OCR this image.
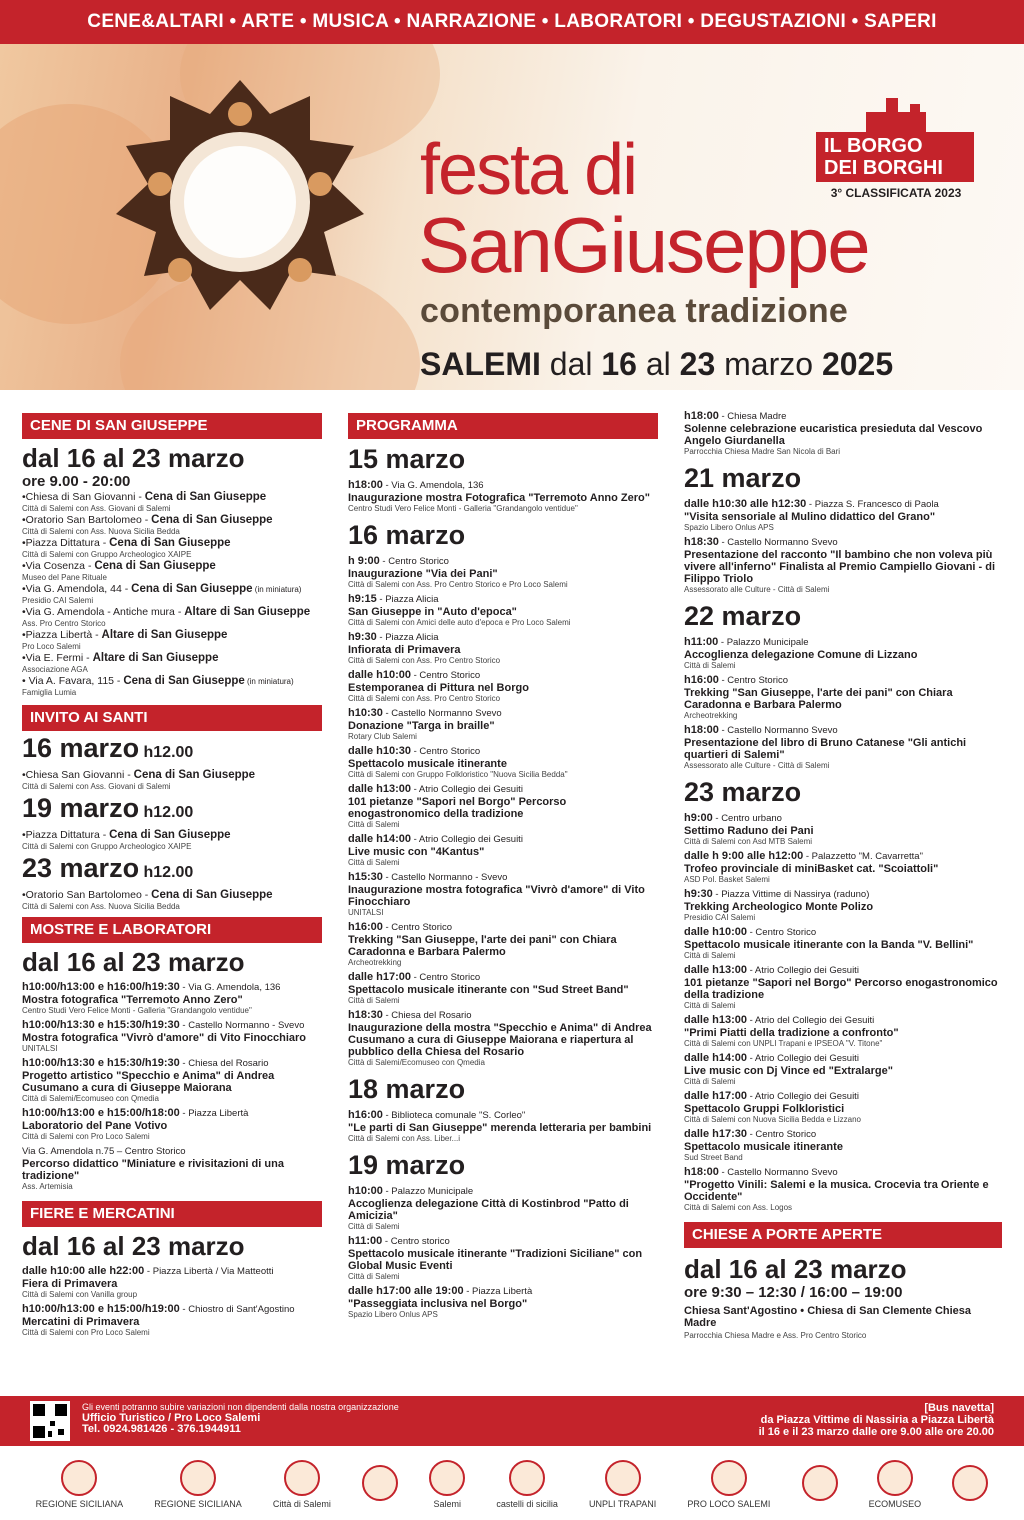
CENE&ALTARI • ARTE • MUSICA • NARRAZIONE • LABORATORI • DEGUSTAZIONI • SAPERI
festa di
SanGiuseppe
contemporanea tradizione
SALEMI dal 16 al 23 marzo 2025
IL BORGO
DEI BORGHI
3° CLASSIFICATA 2023
CENE DI SAN GIUSEPPE
dal 16 al 23 marzo
ore 9.00 - 20:00
•Chiesa di San Giovanni - Cena di San Giuseppe
Città di Salemi con Ass. Giovani di Salemi
•Oratorio San Bartolomeo - Cena di San Giuseppe
Città di Salemi con Ass. Nuova Sicilia Bedda
•Piazza Dittatura - Cena di San Giuseppe
Città di Salemi con Gruppo Archeologico XAIPE
•Via Cosenza - Cena di San Giuseppe
Museo del Pane Rituale
•Via G. Amendola, 44 - Cena di San Giuseppe (in miniatura)
Presidio CAI Salemi
•Via G. Amendola - Antiche mura - Altare di San Giuseppe
Ass. Pro Centro Storico
•Piazza Libertà - Altare di San Giuseppe
Pro Loco Salemi
•Via E. Fermi - Altare di San Giuseppe
Associazione AGA
• Via A. Favara, 115 - Cena di San Giuseppe (in miniatura)
Famiglia Lumia
INVITO AI SANTI
16 marzo h12.00
•Chiesa San Giovanni - Cena di San Giuseppe
Città di Salemi con Ass. Giovani di Salemi
19 marzo h12.00
•Piazza Dittatura - Cena di San Giuseppe
Città di Salemi con Gruppo Archeologico XAIPE
23 marzo h12.00
•Oratorio San Bartolomeo - Cena di San Giuseppe
Città di Salemi con Ass. Nuova Sicilia Bedda
MOSTRE E LABORATORI
dal 16 al 23 marzo
h10:00/h13:00 e h16:00/h19:30 - Via G. Amendola, 136
Mostra fotografica "Terremoto Anno Zero"
Centro Studi Vero Felice Monti - Galleria "Grandangolo ventidue"
h10:00/h13:30 e h15:30/h19:30 - Castello Normanno - Svevo
Mostra fotografica "Vivrò d'amore" di Vito Finocchiaro
UNITALSI
h10:00/h13:30 e h15:30/h19:30 - Chiesa del Rosario
Progetto artistico "Specchio e Anima" di Andrea Cusumano a cura di Giuseppe Maiorana
Città di Salemi/Ecomuseo con Qmedia
h10:00/h13:00 e h15:00/h18:00 - Piazza Libertà
Laboratorio del Pane Votivo
Città di Salemi con Pro Loco Salemi
Via G. Amendola n.75 – Centro Storico
Percorso didattico "Miniature e rivisitazioni di una tradizione"
Ass. Artemisia
FIERE E MERCATINI
dal 16 al 23 marzo
dalle h10:00 alle h22:00 - Piazza Libertà / Via Matteotti
Fiera di Primavera
Città di Salemi con Vanilla group
h10:00/h13:00 e h15:00/h19:00 - Chiostro di Sant'Agostino
Mercatini di Primavera
Città di Salemi con Pro Loco Salemi
PROGRAMMA
15 marzo
h18:00 - Via G. Amendola, 136
Inaugurazione mostra Fotografica "Terremoto Anno Zero"
Centro Studi Vero Felice Monti - Galleria "Grandangolo ventidue"
16 marzo
h 9:00 - Centro Storico
Inaugurazione "Via dei Pani"
Città di Salemi con Ass. Pro Centro Storico e Pro Loco Salemi
h9:15 - Piazza Alicia
San Giuseppe in "Auto d'epoca"
Città di Salemi con Amici delle auto d'epoca e Pro Loco Salemi
h9:30 - Piazza Alicia
Infiorata di Primavera
Città di Salemi con Ass. Pro Centro Storico
dalle h10:00 - Centro Storico
Estemporanea di Pittura nel Borgo
Città di Salemi con Ass. Pro Centro Storico
h10:30 - Castello Normanno Svevo
Donazione "Targa in braille"
Rotary Club Salemi
dalle h10:30 - Centro Storico
Spettacolo musicale itinerante
Città di Salemi con Gruppo Folkloristico "Nuova Sicilia Bedda"
dalle h13:00 - Atrio Collegio dei Gesuiti
101 pietanze "Sapori nel Borgo" Percorso enogastronomico della tradizione
Città di Salemi
dalle h14:00 - Atrio Collegio dei Gesuiti
Live music con "4Kantus"
Città di Salemi
h15:30 - Castello Normanno - Svevo
Inaugurazione mostra fotografica "Vivrò d'amore" di Vito Finocchiaro
UNITALSI
h16:00 - Centro Storico
Trekking "San Giuseppe, l'arte dei pani" con Chiara Caradonna e Barbara Palermo
Archeotrekking
dalle h17:00 - Centro Storico
Spettacolo musicale itinerante con "Sud Street Band"
Città di Salemi
h18:30 - Chiesa del Rosario
Inaugurazione della mostra "Specchio e Anima" di Andrea Cusumano a cura di Giuseppe Maiorana e riapertura al pubblico della Chiesa del Rosario
Città di Salemi/Ecomuseo con Qmedia
18 marzo
h16:00 - Biblioteca comunale "S. Corleo"
"Le parti di San Giuseppe" merenda letteraria per bambini
Città di Salemi con Ass. Liber...i
19 marzo
h10:00 - Palazzo Municipale
Accoglienza delegazione Città di Kostinbrod "Patto di Amicizia"
Città di Salemi
h11:00 - Centro storico
Spettacolo musicale itinerante "Tradizioni Siciliane" con Global Music Eventi
Città di Salemi
dalle h17:00 alle 19:00 - Piazza Libertà
"Passeggiata inclusiva nel Borgo"
Spazio Libero Onlus APS
h18:00 - Chiesa Madre
Solenne celebrazione eucaristica presieduta dal Vescovo Angelo Giurdanella
Parrocchia Chiesa Madre San Nicola di Bari
21 marzo
dalle h10:30 alle h12:30 - Piazza S. Francesco di Paola
"Visita sensoriale al Mulino didattico del Grano"
Spazio Libero Onlus APS
h18:30 - Castello Normanno Svevo
Presentazione del racconto "Il bambino che non voleva più vivere all'inferno" Finalista al Premio Campiello Giovani - di Filippo Triolo
Assessorato alle Culture - Città di Salemi
22 marzo
h11:00 - Palazzo Municipale
Accoglienza delegazione Comune di Lizzano
Città di Salemi
h16:00 - Centro Storico
Trekking "San Giuseppe, l'arte dei pani" con Chiara Caradonna e Barbara Palermo
Archeotrekking
h18:00 - Castello Normanno Svevo
Presentazione del libro di Bruno Catanese "Gli antichi quartieri di Salemi"
Assessorato alle Culture - Città di Salemi
23 marzo
h9:00 - Centro urbano
Settimo Raduno dei Pani
Città di Salemi con Asd MTB Salemi
dalle h 9:00 alle h12:00 - Palazzetto "M. Cavarretta"
Trofeo provinciale di miniBasket cat. "Scoiattoli"
ASD Pol. Basket Salemi
h9:30 - Piazza Vittime di Nassirya (raduno)
Trekking Archeologico Monte Polizo
Presidio CAI Salemi
dalle h10:00 - Centro Storico
Spettacolo musicale itinerante con la Banda "V. Bellini"
Città di Salemi
dalle h13:00 - Atrio Collegio dei Gesuiti
101 pietanze "Sapori nel Borgo" Percorso enogastronomico della tradizione
Città di Salemi
dalle h13:00 - Atrio del Collegio dei Gesuiti
"Primi Piatti della tradizione a confronto"
Città di Salemi con UNPLI Trapani e IPSEOA "V. Titone"
dalle h14:00 - Atrio Collegio dei Gesuiti
Live music con Dj Vince ed "Extralarge"
Città di Salemi
dalle h17:00 - Atrio Collegio dei Gesuiti
Spettacolo Gruppi Folkloristici
Città di Salemi con Nuova Sicilia Bedda e Lizzano
dalle h17:30 - Centro Storico
Spettacolo musicale itinerante
Sud Street Band
h18:00 - Castello Normanno Svevo
"Progetto Vinili: Salemi e la musica. Crocevia tra Oriente e Occidente"
Città di Salemi con Ass. Logos
CHIESE A PORTE APERTE
dal 16 al 23 marzo
ore 9:30 – 12:30 / 16:00 – 19:00
Chiesa Sant'Agostino • Chiesa di San Clemente Chiesa Madre
Parrocchia Chiesa Madre e Ass. Pro Centro Storico
Gli eventi potranno subire variazioni non dipendenti dalla nostra organizzazione
Ufficio Turistico / Pro Loco Salemi
Tel. 0924.981426 - 376.1944911
[Bus navetta]
da Piazza Vittime di Nassiria a Piazza Libertà
il 16 e il 23 marzo dalle ore 9.00 alle ore 20.00
REGIONE SICILIANA	REGIONE SICILIANA	Città di Salemi	Salemi	castelli di sicilia	UNPLI TRAPANI	PRO LOCO SALEMI	ECOMUSEO
